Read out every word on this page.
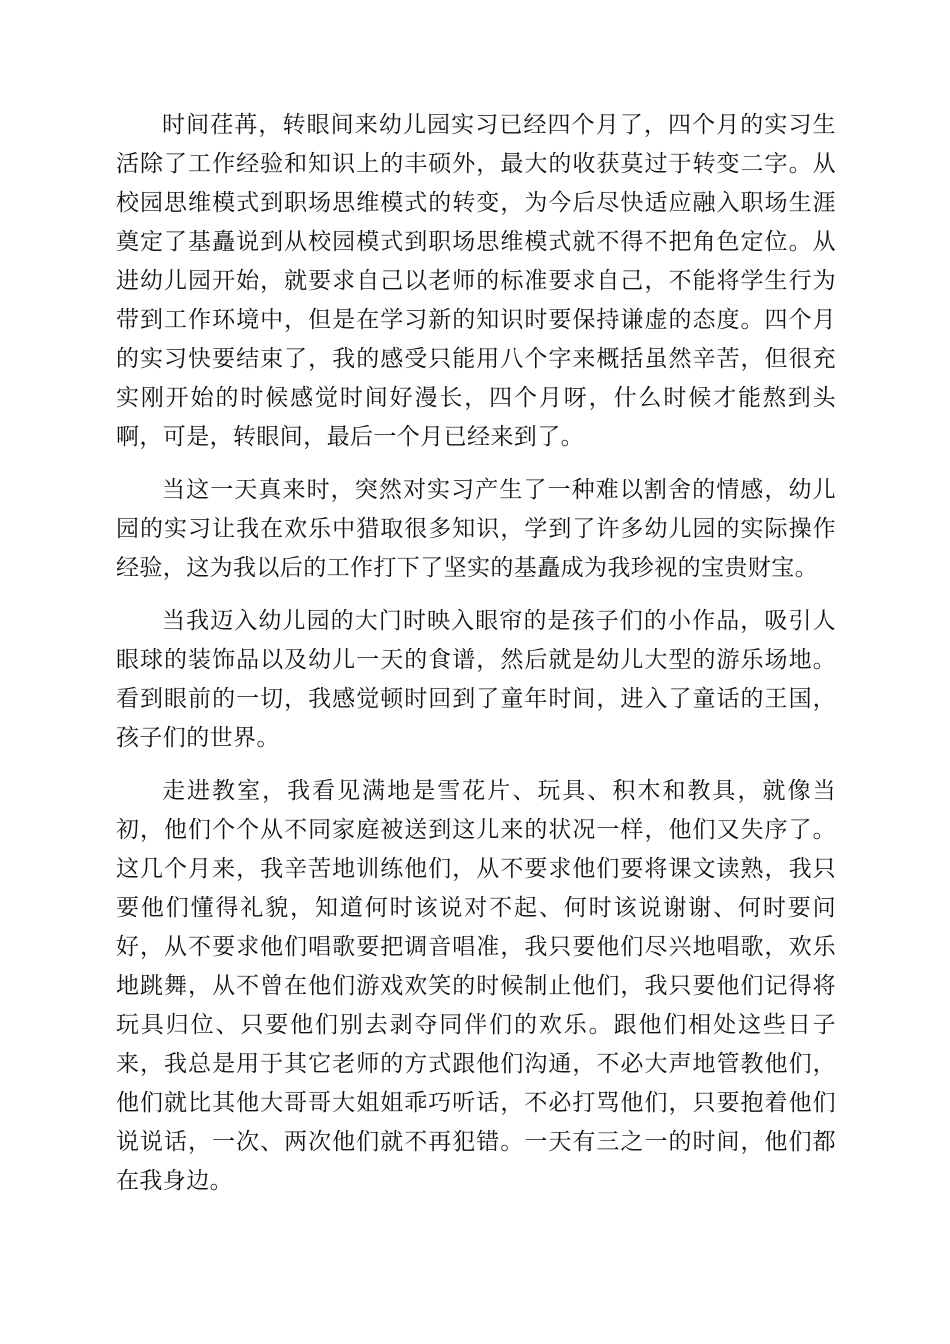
时间荏苒，转眼间来幼儿园实习已经四个月了，四个月的实习生活除了工作经验和知识上的丰硕外，最大的收获莫过于转变二字。从校园思维模式到职场思维模式的转变，为今后尽快适应融入职场生涯奠定了基矗说到从校园模式到职场思维模式就不得不把角色定位。从进幼儿园开始，就要求自己以老师的标准要求自己，不能将学生行为带到工作环境中，但是在学习新的知识时要保持谦虚的态度。四个月的实习快要结束了，我的感受只能用八个字来概括虽然辛苦，但很充实刚开始的时候感觉时间好漫长，四个月呀，什么时候才能熬到头啊，可是，转眼间，最后一个月已经来到了。

当这一天真来时，突然对实习产生了一种难以割舍的情感，幼儿园的实习让我在欢乐中猎取很多知识，学到了许多幼儿园的实际操作经验，这为我以后的工作打下了坚实的基矗成为我珍视的宝贵财宝。

当我迈入幼儿园的大门时映入眼帘的是孩子们的小作品，吸引人眼球的装饰品以及幼儿一天的食谱，然后就是幼儿大型的游乐场地。看到眼前的一切，我感觉顿时回到了童年时间，进入了童话的王国，孩子们的世界。

走进教室，我看见满地是雪花片、玩具、积木和教具，就像当初，他们个个从不同家庭被送到这儿来的状况一样，他们又失序了。这几个月来，我辛苦地训练他们，从不要求他们要将课文读熟，我只要他们懂得礼貌，知道何时该说对不起、何时该说谢谢、何时要问好，从不要求他们唱歌要把调音唱准，我只要他们尽兴地唱歌，欢乐地跳舞，从不曾在他们游戏欢笑的时候制止他们，我只要他们记得将玩具归位、只要他们别去剥夺同伴们的欢乐。跟他们相处这些日子来，我总是用于其它老师的方式跟他们沟通，不必大声地管教他们，他们就比其他大哥哥大姐姐乖巧听话，不必打骂他们，只要抱着他们说说话，一次、两次他们就不再犯错。一天有三之一的时间，他们都在我身边。
